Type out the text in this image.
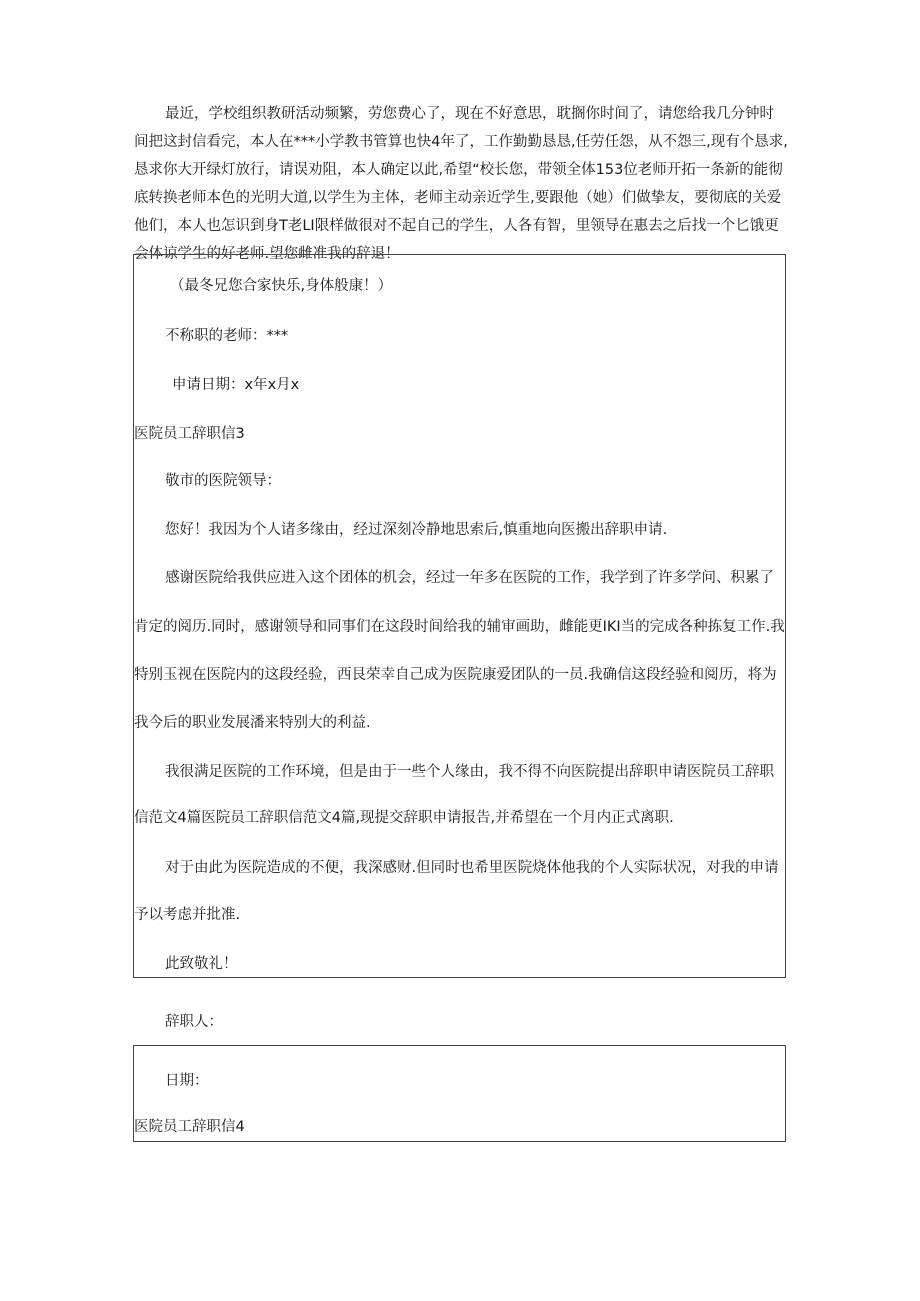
最近，学校组织教研活动频繁，劳您费心了，现在不好意思，耽搁你时间了，请您给我几分钟时
间把这封信看完，本人在***小学教书管算也快4年了，工作勤勤恳恳,任劳任怨，从不怨三,现有个恳求,
恳求你大开绿灯放行，请误劝阻，本人确定以此,希望“校长您，带领全体153位老师开拓一条新的能彻
底转换老师本色的光明大道,以学生为主体，老师主动亲近学生,要跟他（她）们做挚友，要彻底的关爱
他们，本人也怎识到身T老LI限样做很对不起自己的学生，人各有智，里领导在惠去之后找一个匕饿更
会体谅学生的好老师.望您雌准我的辞退！
（最冬兄您合家快乐,身体般康！）
不称职的老师：***
申请日期：x年x月x
医院员工辞职信3
敬市的医院领导：
您好！我因为个人诸多缘由，经过深刻冷静地思索后,慎重地向医搬出辞职申请.
感谢医院给我供应进入这个团体的机会，经过一年多在医院的工作，我学到了许多学问、积累了
肯定的阅历.同时，感谢领导和同事们在这段时间给我的辅审画助，雌能更IKI当的完成各种拣复工作.我
特别玉视在医院内的这段经验，西艮荣幸自己成为医院康爱团队的一员.我确信这段经验和阅历，将为
我今后的职业发展潘来特别大的利益.
我很满足医院的工作环境，但是由于一些个人缘由，我不得不向医院提出辞职申请医院员工辞职
信范文4篇医院员工辞职信范文4篇,现提交辞职申请报告,并希望在一个月内正式离职.
对于由此为医院造成的不便，我深感财.但同时也希里医院烧体他我的个人实际状况，对我的申请
予以考虑并批准.
此致敬礼！
辞职人：
日期：
医院员工辞职信4
